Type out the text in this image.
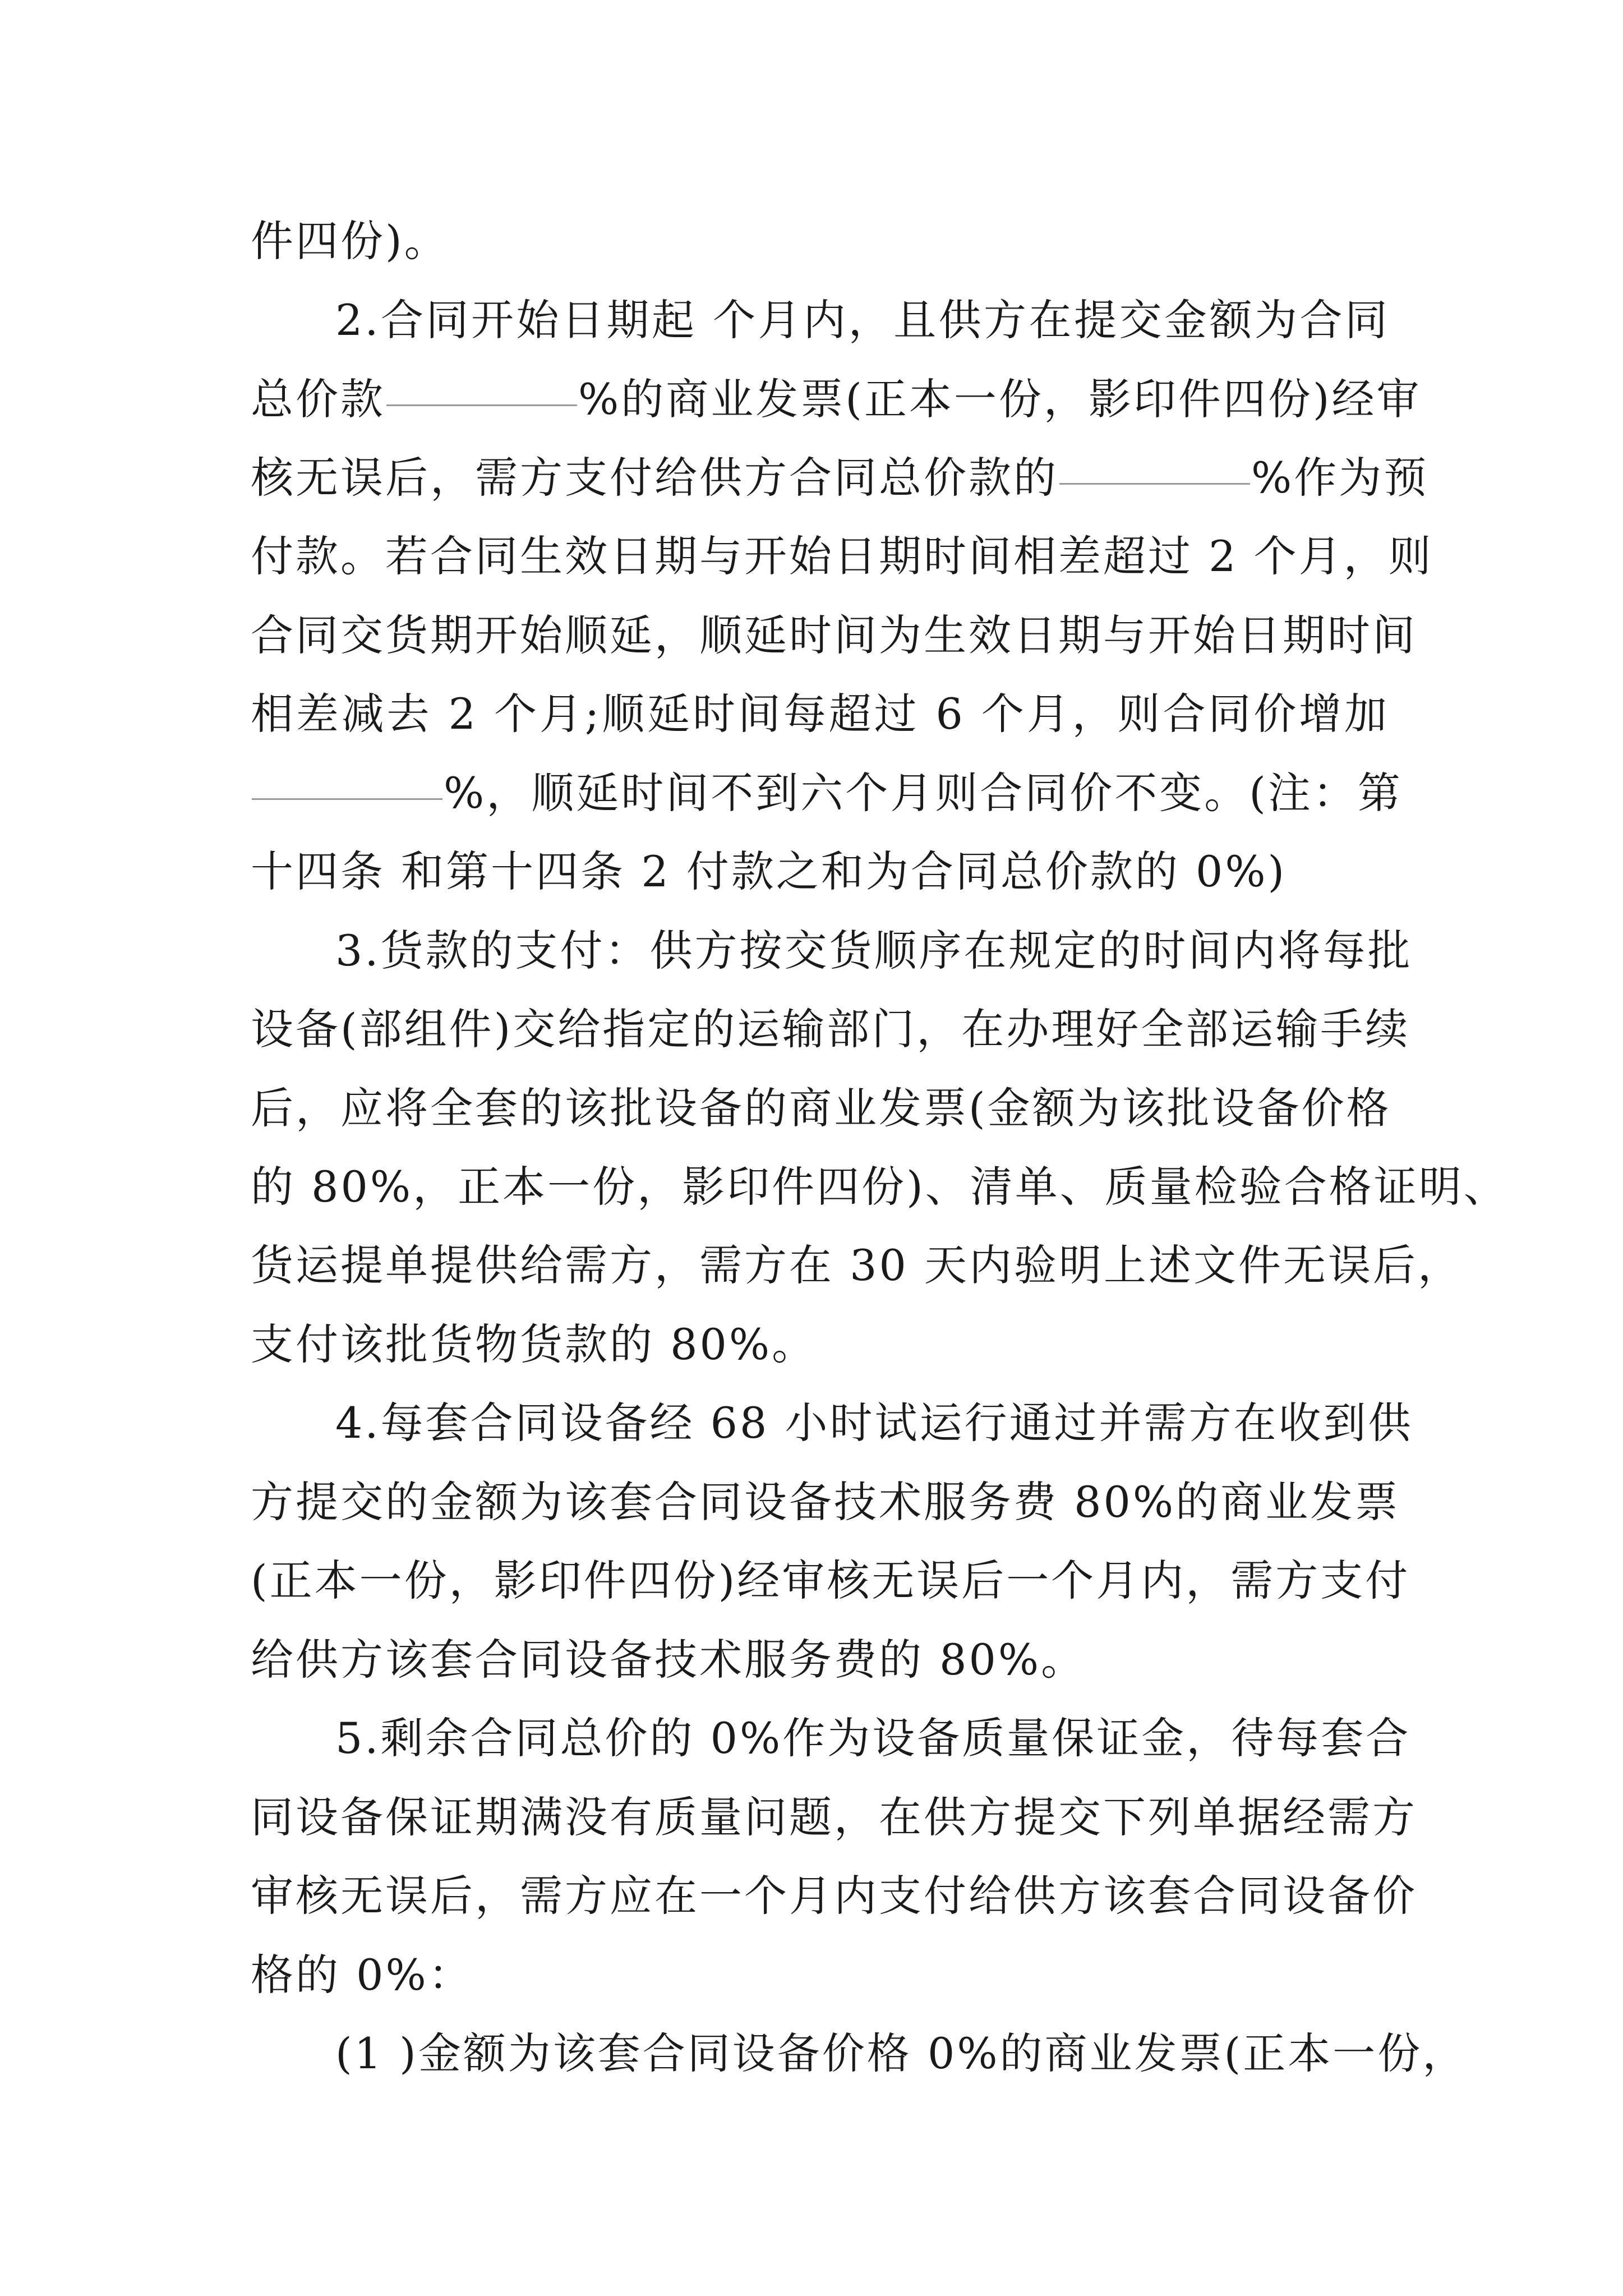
件四份)。
2.合同开始日期起 个月内，且供方在提交金额为合同
总价款	%的商业发票(正本一份，影印件四份)经审
核无误后，需方支付给供方合同总价款的	%作为预
付款。若合同生效日期与开始日期时间相差超过 2 个月，则
合同交货期开始顺延，顺延时间为生效日期与开始日期时间
相差减去 2 个月;顺延时间每超过 6 个月，则合同价增加
%，顺延时间不到六个月则合同价不变。(注：第
十四条 和第十四条 2 付款之和为合同总价款的 0%)
3.货款的支付：供方按交货顺序在规定的时间内将每批
设备(部组件)交给指定的运输部门，在办理好全部运输手续
后，应将全套的该批设备的商业发票(金额为该批设备价格
的 80%，正本一份，影印件四份)、清单、质量检验合格证明、
货运提单提供给需方，需方在 30 天内验明上述文件无误后，
支付该批货物货款的 80%。
4.每套合同设备经 68 小时试运行通过并需方在收到供
方提交的金额为该套合同设备技术服务费 80%的商业发票
(正本一份，影印件四份)经审核无误后一个月内，需方支付
给供方该套合同设备技术服务费的 80%。
5.剩余合同总价的 0%作为设备质量保证金，待每套合
同设备保证期满没有质量问题，在供方提交下列单据经需方
审核无误后，需方应在一个月内支付给供方该套合同设备价
格的 0%：
(1 )金额为该套合同设备价格 0%的商业发票(正本一份，
